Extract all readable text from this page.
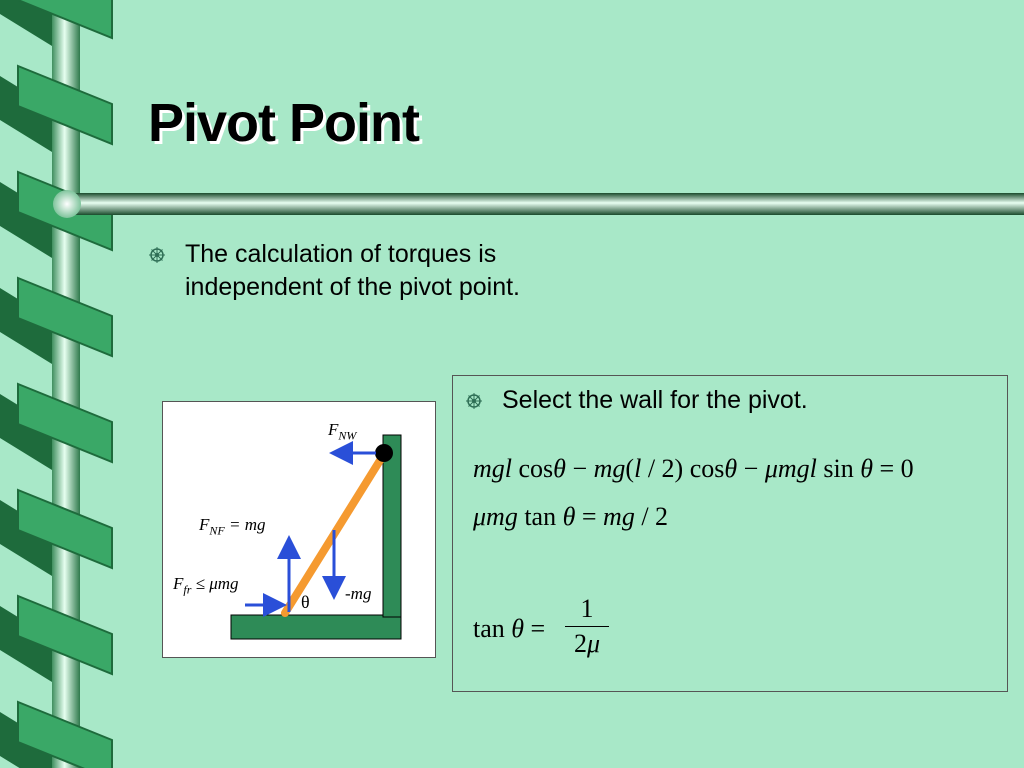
Pivot Point
The calculation of torques is independent of the pivot point.
$F_{NW}$
$F_{NF}$ = mg
$F_{fr} \le \mu mg$
-mg
θ
Select the wall for the pivot.
mgl cosθ − mg(l / 2) cosθ − μmgl sin θ = 0
μmg tan θ = mg / 2
tan θ =
1
2μ
